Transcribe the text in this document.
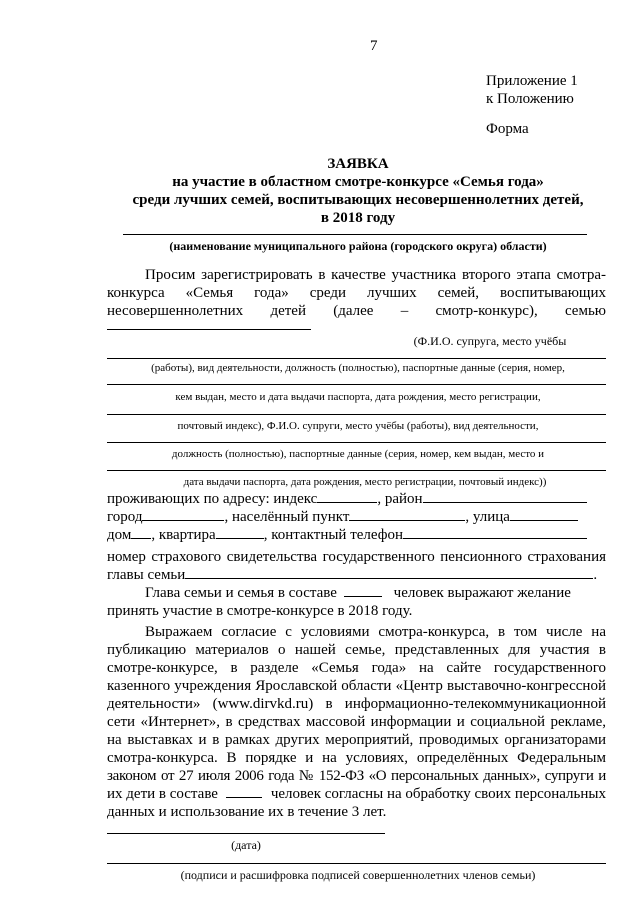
7
Приложение 1
к Положению
Форма
ЗАЯВКА
на участие в областном смотре-конкурсе «Семья года»
среди лучших семей, воспитывающих несовершеннолетних детей,
в 2018 году
(наименование муниципального района (городского округа) области)
Просим зарегистрировать в качестве участника второго этапа смотра-
конкурса «Семья года» среди лучших семей, воспитывающих
несовершеннолетних детей (далее – смотр-конкурс), семью
(Ф.И.О. супруга, место учёбы
(работы), вид деятельности, должность (полностью), паспортные данные (серия, номер,
кем выдан, место и дата выдачи паспорта, дата рождения, место регистрации,
почтовый индекс), Ф.И.О. супруги, место учёбы (работы), вид деятельности,
должность (полностью), паспортные данные (серия, номер, кем выдан, место и
дата выдачи паспорта, дата рождения, место регистрации, почтовый индекс))
проживающих по адресу: индекс	, район
город	, населённый пункт	, улица
дом , квартира	, контактный телефон
номер страхового свидетельства государственного пенсионного страхования
главы семьи	.
Глава семьи и семья в составе	человек выражают желание
принять участие в смотре-конкурсе в 2018 году.
Выражаем согласие с условиями смотра-конкурса, в том числе на
публикацию материалов о нашей семье, представленных для участия в
смотре-конкурсе, в разделе «Семья года» на сайте государственного
казенного учреждения Ярославской области «Центр выставочно-конгрессной
деятельности» (www.dirvkd.ru) в информационно-телекоммуникационной
сети «Интернет», в средствах массовой информации и социальной рекламе,
на выставках и в рамках других мероприятий, проводимых организаторами
смотра-конкурса. В порядке и на условиях, определённых Федеральным
законом от 27 июля 2006 года № 152-ФЗ «О персональных данных», супруги и
их дети в составе	человек согласны на обработку своих персональных
данных и использование их в течение 3 лет.
(дата)
(подписи и расшифровка подписей совершеннолетних членов семьи)
